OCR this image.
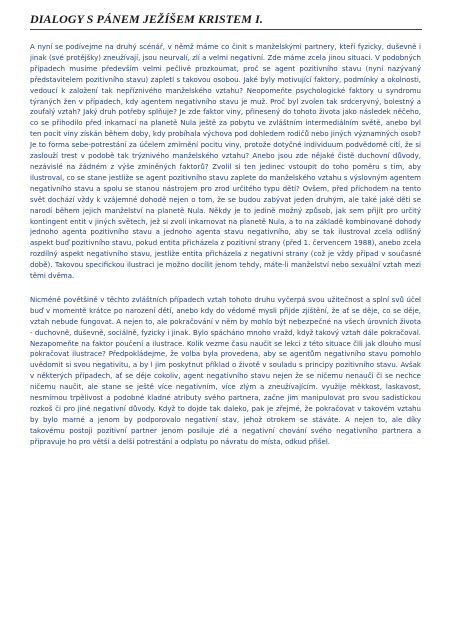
DIALOGY S PÁNEM JEŽÍŠEM KRISTEM I.

A nyní se podívejme na druhý scénář, v němž máme co činit s manželskými partnery, kteří fyzicky, duševně i jinak (své protějšky) zneužívají, jsou neurvalí, zlí a velmi negativní. Zde máme zcela jinou situaci. V podobných případech musíme především velmi pečlivě prozkoumat, proč se agent pozitivního stavu (nyní nazývaný představitelem pozitivního stavu) zapletl s takovou osobou. Jaké byly motivující faktory, podmínky a okolnosti, vedoucí k založení tak nepříznivého manželského vztahu? Neopomeňte psychologické faktory u syndromu týraných žen v případech, kdy agentem negativního stavu je muž. Proč byl zvolen tak srdceryvný, bolestný a zoufalý vztah? Jaký druh potřeby splňuje? Je zde faktor viny, přinesený do tohoto života jako následek něčeho, co se přihodilo před inkarnací na planetě Nula ještě za pobytu ve zvláštním intermediálním světě, anebo byl ten pocit viny získán během doby, kdy probíhala výchova pod dohledem rodičů nebo jiných významných osob? Je to forma sebe-potrestání za účelem zmírnění pocitu viny, protože dotyčné individuum podvědomě cítí, že si zaslouží trest v podobě tak trýznivého manželského vztahu? Anebo jsou zde nějaké čistě duchovní důvody, nezávislé na žádném z výše zmíněných faktorů? Zvolil si ten jedinec vstoupit do toho poměru s tím, aby ilustroval, co se stane jestliže se agent pozitivního stavu zaplete do manželského vztahu s výslovným agentem negativního stavu a spolu se stanou nástrojem pro zrod určitého typu dětí? Ovšem, před příchodem na tento svět dochází vždy k vzájemné dohodě nejen o tom, že se budou zabývat jeden druhým, ale také jaké děti se narodí během jejich manželství na planetě Nula. Někdy je to jedině možný způsob, jak sem přijít pro určitý kontingent entit v jiných světech, jež si zvolí inkarnovat na planetě Nula, a to na základě kombinované dohody jednoho agenta pozitivního stavu a jednoho agenta stavu negativního, aby se tak ilustroval zcela odlišný aspekt buď pozitivního stavu, pokud entita přicházela z pozitivní strany (před 1. červencem 1988), anebo zcela rozdílný aspekt negativního stavu, jestliže entita přicházela z negativní strany (což je vždy případ v současné době). Takovou specifickou ilustraci je možno docílit jenom tehdy, máte-li manželství nebo sexuální vztah mezi těmi dvěma.

Nicméně povětšině v těchto zvláštních případech vztah tohoto druhu vyčerpá svou užitečnost a splní svů účel buď v momentě krátce po narození dětí, anebo kdy do vědomé mysli přijde zjištění, že ať se děje, co se děje, vztah nebude fungovat. A nejen to, ale pokračování v něm by mohlo být nebezpečné na všech úrovních života - duchovně, duševně, sociálně, fyzicky i jinak. Bylo spácháno mnoho vražd, když takový vztah dále pokračoval. Nezapomeňte na faktor poučení a ilustrace. Kolik vezme času naučit se lekci z této situace čili jak dlouho musí pokračovat ilustrace? Předpokládejme, že volba byla provedena, aby se agentům negativního stavu pomohlo uvědomit si svou negativitu, a by l jim poskytnut příklad o životě v souladu s principy pozitivního stavu. Avšak v některých případech, ať se děje cokoliv, agent negativního stavu nejen že se ničemu nenaučí či se nechce ničemu naučit, ale stane se ještě více negativním, více zlým a zneužívajícím. využije měkkost, laskavost, nesmírnou trpělivost a podobné kladné atributy svého partnera, začne jím manipulovat pro svou sadistickou rozkoš či pro jiné negativní důvody. Když to dojde tak daleko, pak je zřejmé, že pokračovat v takovém vztahu by bylo marné a jenom by podporovalo negativní stav, jehož otrokem se stáváte. A nejen to, ale díky takovému postoji pozitivní partner jenom posiluje zlé a negativní chování svého negativního partnera a připravuje ho pro větší a delší potrestání a odplatu po návratu do místa, odkud přišel.
